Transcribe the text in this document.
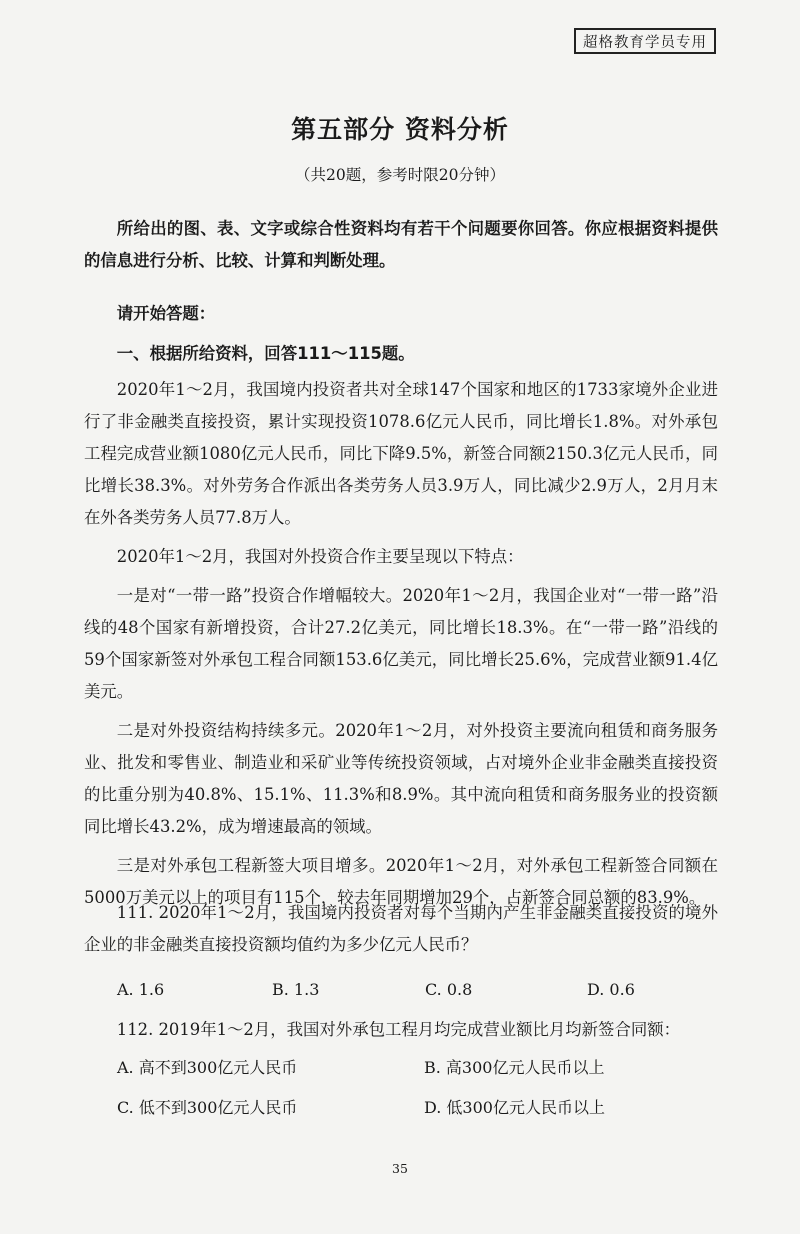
超格教育学员专用
第五部分 资料分析
（共20题，参考时限20分钟）

所给出的图、表、文字或综合性资料均有若干个问题要你回答。你应根据资料提供的信息进行分析、比较、计算和判断处理。

请开始答题：

一、根据所给资料，回答111～115题。

2020年1～2月，我国境内投资者共对全球147个国家和地区的1733家境外企业进行了非金融类直接投资，累计实现投资1078.6亿元人民币，同比增长1.8%。对外承包工程完成营业额1080亿元人民币，同比下降9.5%，新签合同额2150.3亿元人民币，同比增长38.3%。对外劳务合作派出各类劳务人员3.9万人，同比减少2.9万人，2月月末在外各类劳务人员77.8万人。

2020年1～2月，我国对外投资合作主要呈现以下特点：

一是对“一带一路”投资合作增幅较大。2020年1～2月，我国企业对“一带一路”沿线的48个国家有新增投资，合计27.2亿美元，同比增长18.3%。在“一带一路”沿线的59个国家新签对外承包工程合同额153.6亿美元，同比增长25.6%，完成营业额91.4亿美元。

二是对外投资结构持续多元。2020年1～2月，对外投资主要流向租赁和商务服务业、批发和零售业、制造业和采矿业等传统投资领域，占对境外企业非金融类直接投资的比重分别为40.8%、15.1%、11.3%和8.9%。其中流向租赁和商务服务业的投资额同比增长43.2%，成为增速最高的领域。

三是对外承包工程新签大项目增多。2020年1～2月，对外承包工程新签合同额在5000万美元以上的项目有115个，较去年同期增加29个，占新签合同总额的83.9%。

111. 2020年1～2月，我国境内投资者对每个当期内产生非金融类直接投资的境外企业的非金融类直接投资额均值约为多少亿元人民币？

A. 1.6	B. 1.3	C. 0.8	D. 0.6

112. 2019年1～2月，我国对外承包工程月均完成营业额比月均新签合同额：

A. 高不到300亿元人民币	B. 高300亿元人民币以上
C. 低不到300亿元人民币	D. 低300亿元人民币以上
35
